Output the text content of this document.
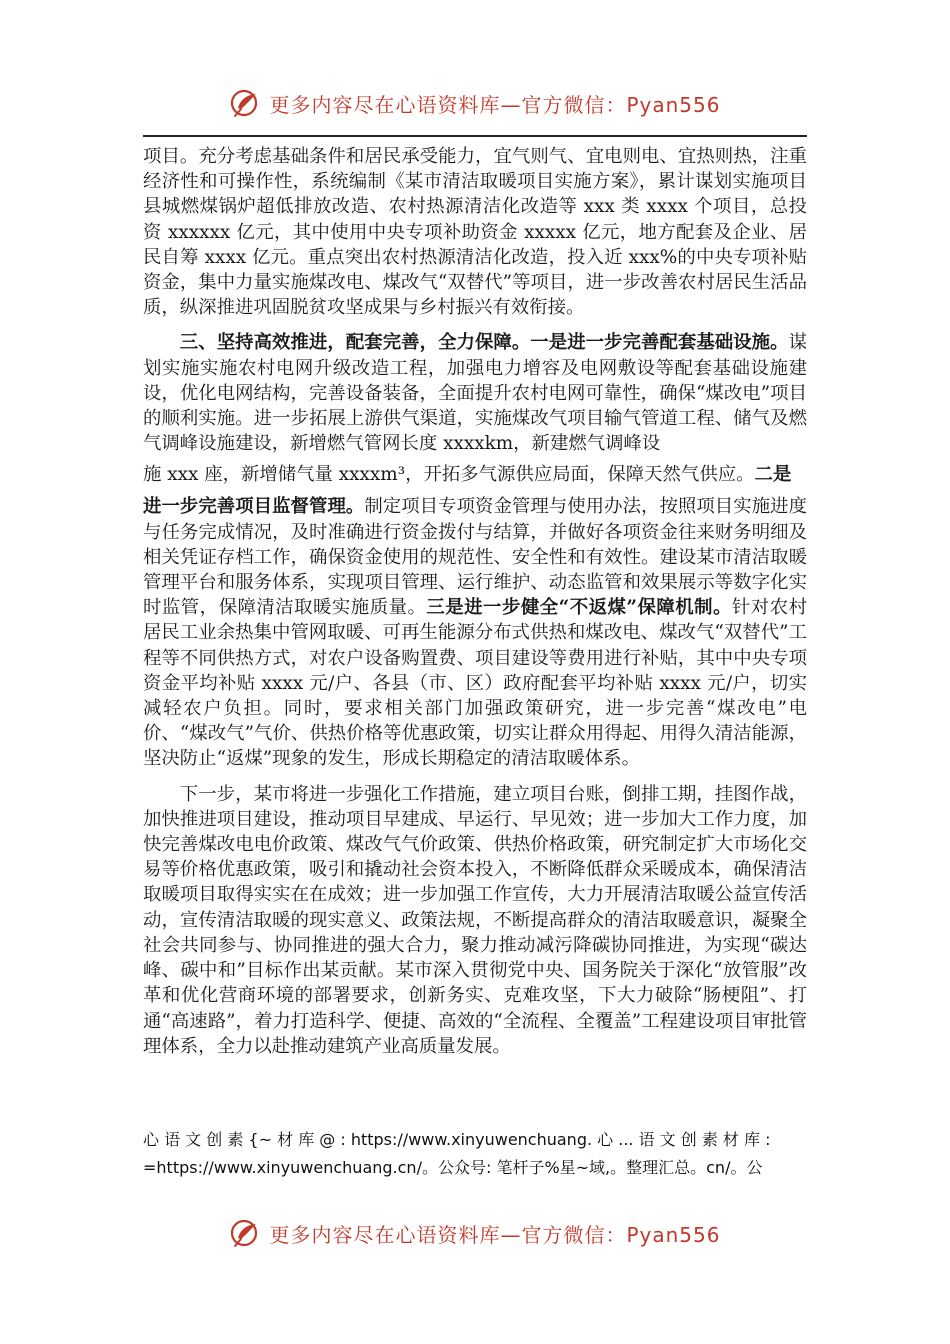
更多内容尽在心语资料库—官方微信：Pyan556

项目。充分考虑基础条件和居民承受能力，宜气则气、宜电则电、宜热则热，注重经济性和可操作性，系统编制《某市清洁取暖项目实施方案》，累计谋划实施项目县城燃煤锅炉超低排放改造、农村热源清洁化改造等 xxx 类 xxxx 个项目，总投资 xxxxxx 亿元，其中使用中央专项补助资金 xxxxx 亿元，地方配套及企业、居民自筹 xxxx 亿元。重点突出农村热源清洁化改造，投入近 xxx%的中央专项补贴资金，集中力量实施煤改电、煤改气“双替代”等项目，进一步改善农村居民生活品质，纵深推进巩固脱贫攻坚成果与乡村振兴有效衔接。

三、坚持高效推进，配套完善，全力保障。一是进一步完善配套基础设施。谋划实施实施农村电网升级改造工程，加强电力增容及电网敷设等配套基础设施建设，优化电网结构，完善设备装备，全面提升农村电网可靠性，确保“煤改电”项目的顺利实施。进一步拓展上游供气渠道，实施煤改气项目输气管道工程、储气及燃气调峰设施建设，新增燃气管网长度 xxxxkm，新建燃气调峰设

施 xxx 座，新增储气量 xxxxm³，开拓多气源供应局面，保障天然气供应。二是

进一步完善项目监督管理。制定项目专项资金管理与使用办法，按照项目实施进度与任务完成情况，及时准确进行资金拨付与结算，并做好各项资金往来财务明细及相关凭证存档工作，确保资金使用的规范性、安全性和有效性。建设某市清洁取暖管理平台和服务体系，实现项目管理、运行维护、动态监管和效果展示等数字化实时监管，保障清洁取暖实施质量。三是进一步健全“不返煤”保障机制。针对农村居民工业余热集中管网取暖、可再生能源分布式供热和煤改电、煤改气“双替代”工程等不同供热方式，对农户设备购置费、项目建设等费用进行补贴，其中中央专项资金平均补贴 xxxx 元/户、各县（市、区）政府配套平均补贴 xxxx 元/户，切实减轻农户负担。同时，要求相关部门加强政策研究，进一步完善“煤改电”电价、“煤改气”气价、供热价格等优惠政策，切实让群众用得起、用得久清洁能源，坚决防止“返煤”现象的发生，形成长期稳定的清洁取暖体系。

下一步，某市将进一步强化工作措施，建立项目台账，倒排工期，挂图作战，加快推进项目建设，推动项目早建成、早运行、早见效；进一步加大工作力度，加快完善煤改电电价政策、煤改气气价政策、供热价格政策，研究制定扩大市场化交易等价格优惠政策，吸引和撬动社会资本投入，不断降低群众采暖成本，确保清洁取暖项目取得实实在在成效；进一步加强工作宣传，大力开展清洁取暖公益宣传活动，宣传清洁取暖的现实意义、政策法规，不断提高群众的清洁取暖意识，凝聚全社会共同参与、协同推进的强大合力，聚力推动减污降碳协同推进，为实现“碳达峰、碳中和”目标作出某贡献。某市深入贯彻党中央、国务院关于深化“放管服”改革和优化营商环境的部署要求，创新务实、克难攻坚，下大力破除“肠梗阻”、打通“高速路”，着力打造科学、便捷、高效的“全流程、全覆盖”工程建设项目审批管理体系，全力以赴推动建筑产业高质量发展。

心 语 文 创 素 {~ 材 库 @ : https://www.xinyuwenchuang. 心 ... 语 文 创 素 材 库 :

=https://www.xinyuwenchuang.cn/。公众号: 笔杆子%星~域,。整理汇总。cn/。公

更多内容尽在心语资料库—官方微信：Pyan556
